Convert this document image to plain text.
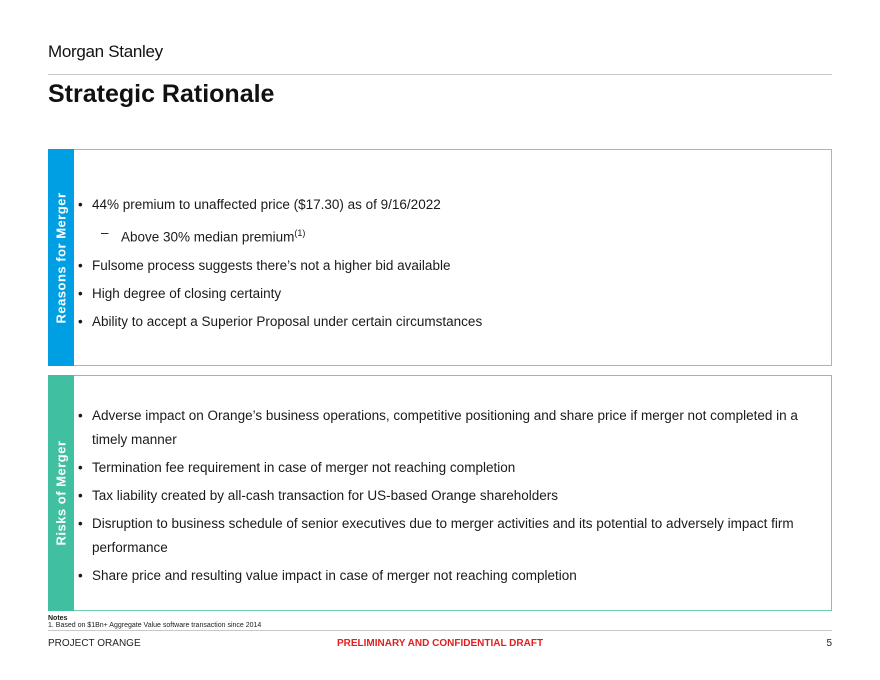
Morgan Stanley
Strategic Rationale
Reasons for Merger • 44% premium to unaffected price ($17.30) as of 9/16/2022
– Above 30% median premium$^{(1)}$
• Fulsome process suggests there’s not a higher bid available
• High degree of closing certainty
• Ability to accept a Superior Proposal under certain circumstances
Risks of Merger
• Adverse impact on Orange’s business operations, competitive positioning and share price if merger not completed in a timely manner
• Termination fee requirement in case of merger not reaching completion
• Tax liability created by all-cash transaction for US-based Orange shareholders
• Disruption to business schedule of senior executives due to merger activities and its potential to adversely impact firm performance
• Share price and resulting value impact in case of merger not reaching completion
Notes
1. Based on $1Bn+ Aggregate Value software transaction since 2014
PROJECT ORANGE	PRELIMINARY AND CONFIDENTIAL DRAFT	5
